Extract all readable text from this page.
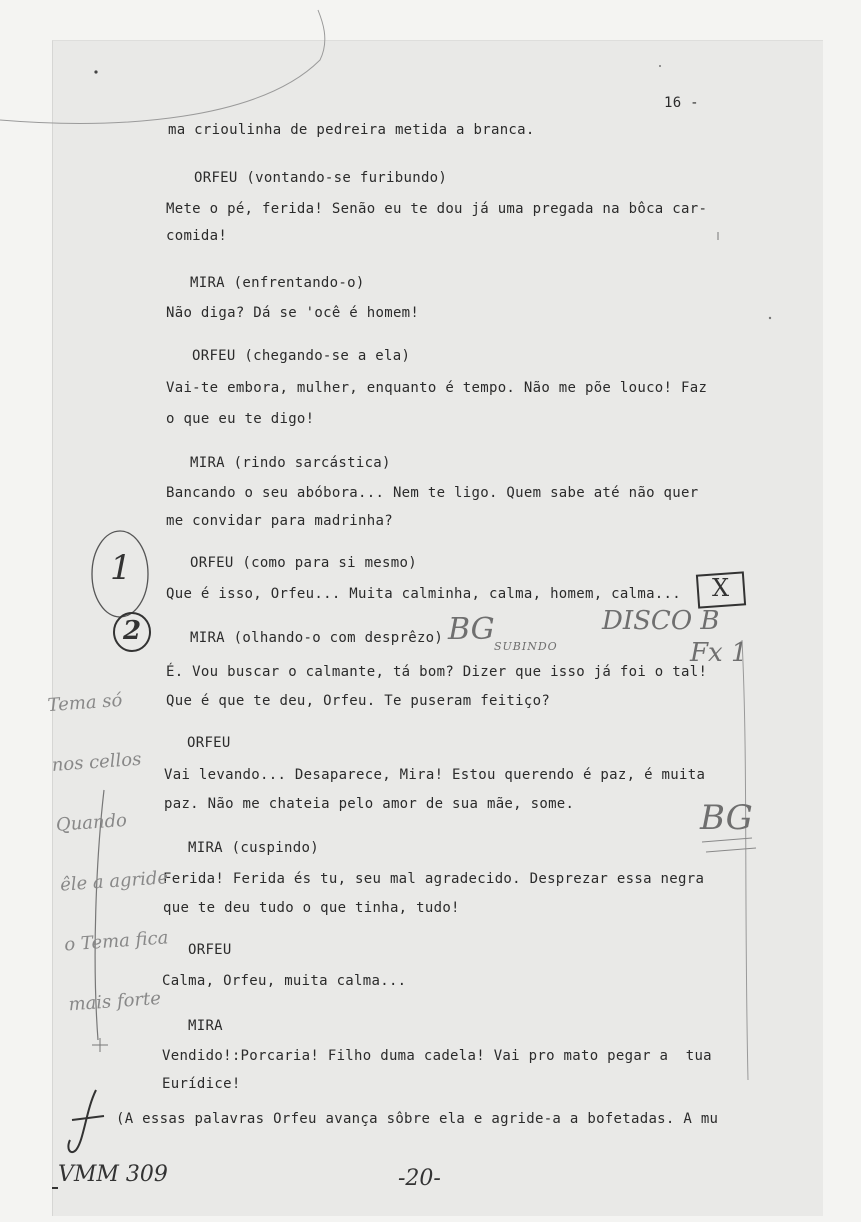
16 -
ma crioulinha de pedreira metida a branca.
ORFEU (vontando-se furibundo)
Mete o pé, ferida! Senão eu te dou já uma pregada na bôca car-
comida!
MIRA (enfrentando-o)
Não diga? Dá se 'ocê é homem!
ORFEU (chegando-se a ela)
Vai-te embora, mulher, enquanto é tempo. Não me põe louco! Faz
o que eu te digo!
MIRA (rindo sarcástica)
Bancando o seu abóbora... Nem te ligo. Quem sabe até não quer
me convidar para madrinha?
ORFEU (como para si mesmo)
Que é isso, Orfeu... Muita calminha, calma, homem, calma...
MIRA (olhando-o com desprêzo)
É. Vou buscar o calmante, tá bom? Dizer que isso já foi o tal!
Que é que te deu, Orfeu. Te puseram feitiço?
ORFEU
Vai levando... Desaparece, Mira! Estou querendo é paz, é muita
paz. Não me chateia pelo amor de sua mãe, some.
MIRA (cuspindo)
Ferida! Ferida és tu, seu mal agradecido. Desprezar essa negra
que te deu tudo o que tinha, tudo!
ORFEU
Calma, Orfeu, muita calma...
MIRA
Vendido!:Porcaria! Filho duma cadela! Vai pro mato pegar a  tua
Eurídice!
(A essas palavras Orfeu avança sôbre ela e agride-a a bofetadas. A mu
1
2	BG SUBINDO
DISCO B
Fx 1
X
BG

Tema só

nos cellos

Quando

êle a agride

o Tema fica

mais forte

VMM 309	-20-
